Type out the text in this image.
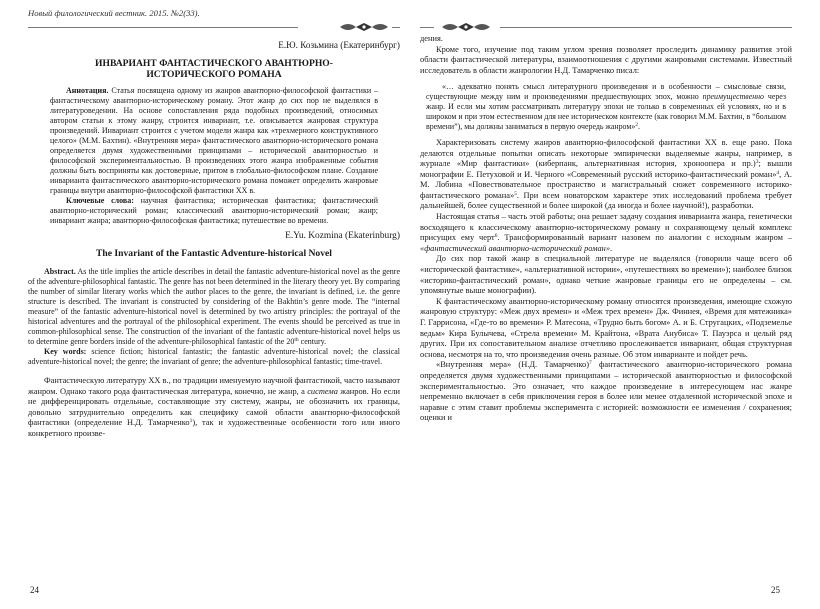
Новый филологический вестник. 2015. №2(33).

Е.Ю. Козьмина (Екатеринбург)

ИНВАРИАНТ ФАНТАСТИЧЕСКОГО АВАНТЮРНО-ИСТОРИЧЕСКОГО РОМАНА

Аннотация. Статья посвящена одному из жанров авантюрно-философской фантастики – фантастическому авантюрно-историческому роману. Этот жанр до сих пор не выделялся в литературоведении. На основе сопоставления ряда подобных произведений, относимых автором статьи к этому жанру, строится инвариант, т.е. описывается жанровая структура произведений. Инвариант строится с учетом модели жанра как «трехмерного конструктивного целого» (М.М. Бахтин). «Внутренняя мера» фантастического авантюрно-исторического романа определяется двумя художественными принципами – исторической авантюрностью и философской экспериментальностью. В произведениях этого жанра изображенные события должны быть восприняты как достоверные, притом в глобально-философском плане. Создание инварианта фантастического авантюрно-исторического романа поможет определить жанровые границы внутри авантюрно-философской фантастики XX в.

Ключевые слова: научная фантастика; историческая фантастика; фантастический авантюрно-исторический роман; классический авантюрно-исторический роман; жанр; инвариант жанра; авантюрно-философская фантастика; путешествие во времени.

E.Yu. Kozmina (Ekaterinburg)

The Invariant of the Fantastic Adventure-historical Novel

Abstract. As the title implies the article describes in detail the fantastic adventure-historical novel as the genre of the adventure-philosophical fantastic. The genre has not been determined in the literary theory yet. By comparing the number of similar literary works which the author places to the genre, the invariant is defined, i.e. the genre structure is described. The invariant is constructed by considering of the Bakhtin’s genre mode. The “internal measure” of the fantastic adventure-historical novel is determined by two artistry principles: the portrayal of the historical adventures and the portrayal of the philosophical experiment. The events should be perceived as true in common-philosophical sense. The construction of the invariant of the fantastic adventure-historical novel helps us to determine genre borders inside of the adventure-philosophical fantastic of the 20th century.

Key words: science fiction; historical fantastic; the fantastic adventure-historical novel; the classical adventure-historical novel; the genre; the invariant of genre; the adventure-philosophical fantastic; time-travel.

Фантастическую литературу XX в., по традиции именуемую научной фантастикой, часто называют жанром. Однако такого рода фантастическая литература, конечно, не жанр, а система жанров. Но если не дифференцировать отдельные, составляющие эту систему, жанры, не обозначить их границы, довольно затруднительно определить как специфику самой области авантюрно-философской фантастики (определение Н.Д. Тамарченко$^1$), так и художественные особенности того или иного конкретного произве-

дения.

Кроме того, изучение под таким углом зрения позволяет проследить динамику развития этой области фантастической литературы, взаимоотношения с другими жанровыми системами. Известный исследователь в области жанрологии Н.Д. Тамарченко писал:

«… адекватно понять смысл литературного произведения и в особенности – смысловые связи, существующие между ним и произведениями предшествующих эпох, можно преимущественно через жанр. И если мы хотим рассматривать литературу эпохи не только в современных ей условиях, но и в широком и при этом естественном для нее историческом контексте (как говорил М.М. Бахтин, в “большом времени”), мы должны заниматься в первую очередь жанром»$^2$.

Характеризовать систему жанров авантюрно-философской фантастики XX в. еще рано. Пока делаются отдельные попытки описать некоторые эмпирически выделяемые жанры, например, в журнале «Мир фантастики» (киберпанк, альтернативная история, хроноопера и пр.)$^3$; вышли монографии Е. Петуховой и И. Черного «Современный русский историко-фантастический роман»$^4$, А. М. Лобина «Повествовательное пространство и магистральный сюжет современного историко-фантастического романа»$^5$. При всем новаторском характере этих исследований проблема требует дальнейшей, более существенной и более широкой (да иногда и более научной!), разработки.

Настоящая статья – часть этой работы; она решает задачу создания инварианта жанра, генетически восходящего к классическому авантюрно-историческому роману и сохраняющему целый комплекс присущих ему черт$^6$. Трансформированный вариант назовем по аналогии с исходным жанром – «фантастический авантюрно-исторический роман».

До сих пор такой жанр в специальной литературе не выделялся (говорили чаще всего об «исторической фантастике», «альтернативной истории», «путешествиях во времени»); наиболее близок «историко-фантастический роман», однако четкие жанровые границы его не определены – см. упомянутые выше монографии).

К фантастическому авантюрно-историческому роману относятся произведения, имеющие схожую жанровую структуру: «Меж двух времен» и «Меж трех времен» Дж. Финнея, «Время для мятежника» Г. Гаррисона, «Где-то во времени» Р. Матесона, «Трудно быть богом» А. и Б. Стругацких, «Подземелье ведьм» Кира Булычева, «Стрела времени» М. Крайтона, «Врата Анубиса» Т. Пауэрса и целый ряд других. При их сопоставительном анализе отчетливо прослеживается инвариант, общая структурная основа, несмотря на то, что произведения очень разные. Об этом инварианте и пойдет речь.

«Внутренняя мера» (Н.Д. Тамарченко)$^7$ фантастического авантюрно-исторического романа определяется двумя художественными принципами – исторической авантюрностью и философской экспериментальностью. Это означает, что каждое произведение в интересующем нас жанре непременно включает в себя приключения героя в более или менее отдаленной исторической эпохе и наравне с этим ставит проблемы эксперимента с историей: возможности ее изменения / сохранения; оценки и

24	25
